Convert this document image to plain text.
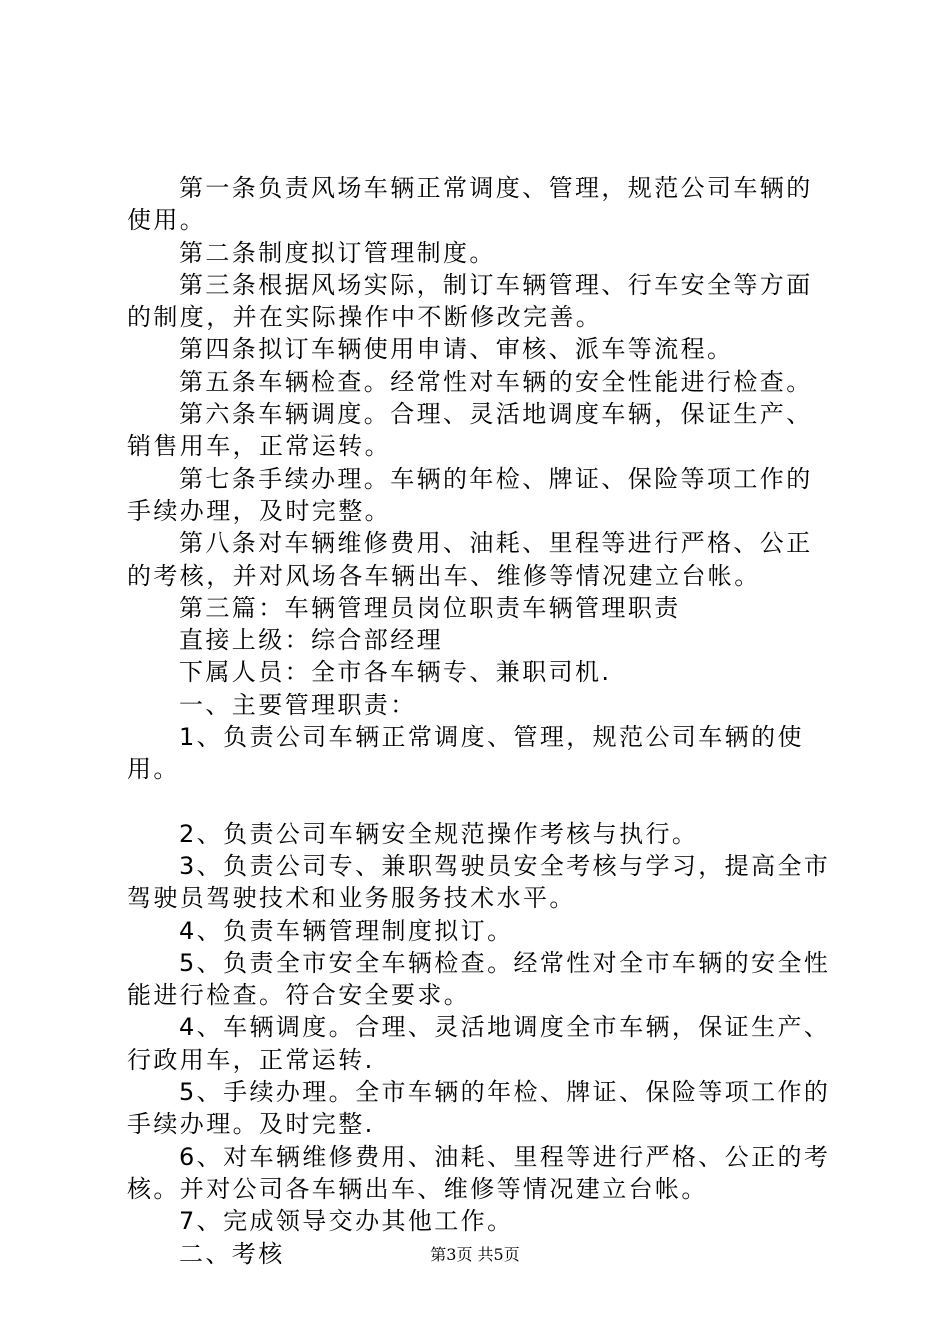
第一条负责风场车辆正常调度、管理，规范公司车辆的使用。

第二条制度拟订管理制度。

第三条根据风场实际，制订车辆管理、行车安全等方面的制度，并在实际操作中不断修改完善。

第四条拟订车辆使用申请、审核、派车等流程。

第五条车辆检查。经常性对车辆的安全性能进行检查。

第六条车辆调度。合理、灵活地调度车辆，保证生产、销售用车，正常运转。

第七条手续办理。车辆的年检、牌证、保险等项工作的手续办理，及时完整。

第八条对车辆维修费用、油耗、里程等进行严格、公正的考核，并对风场各车辆出车、维修等情况建立台帐。

第三篇：车辆管理员岗位职责车辆管理职责

直接上级：综合部经理

下属人员：全市各车辆专、兼职司机.

一、主要管理职责：

1、负责公司车辆正常调度、管理，规范公司车辆的使用。

2、负责公司车辆安全规范操作考核与执行。

3、负责公司专、兼职驾驶员安全考核与学习，提高全市驾驶员驾驶技术和业务服务技术水平。

4、负责车辆管理制度拟订。

5、负责全市安全车辆检查。经常性对全市车辆的安全性能进行检查。符合安全要求。

4、车辆调度。合理、灵活地调度全市车辆，保证生产、行政用车，正常运转.

5、手续办理。全市车辆的年检、牌证、保险等项工作的手续办理。及时完整.

6、对车辆维修费用、油耗、里程等进行严格、公正的考核。并对公司各车辆出车、维修等情况建立台帐。

7、完成领导交办其他工作。

二、考核	第3页 共5页
